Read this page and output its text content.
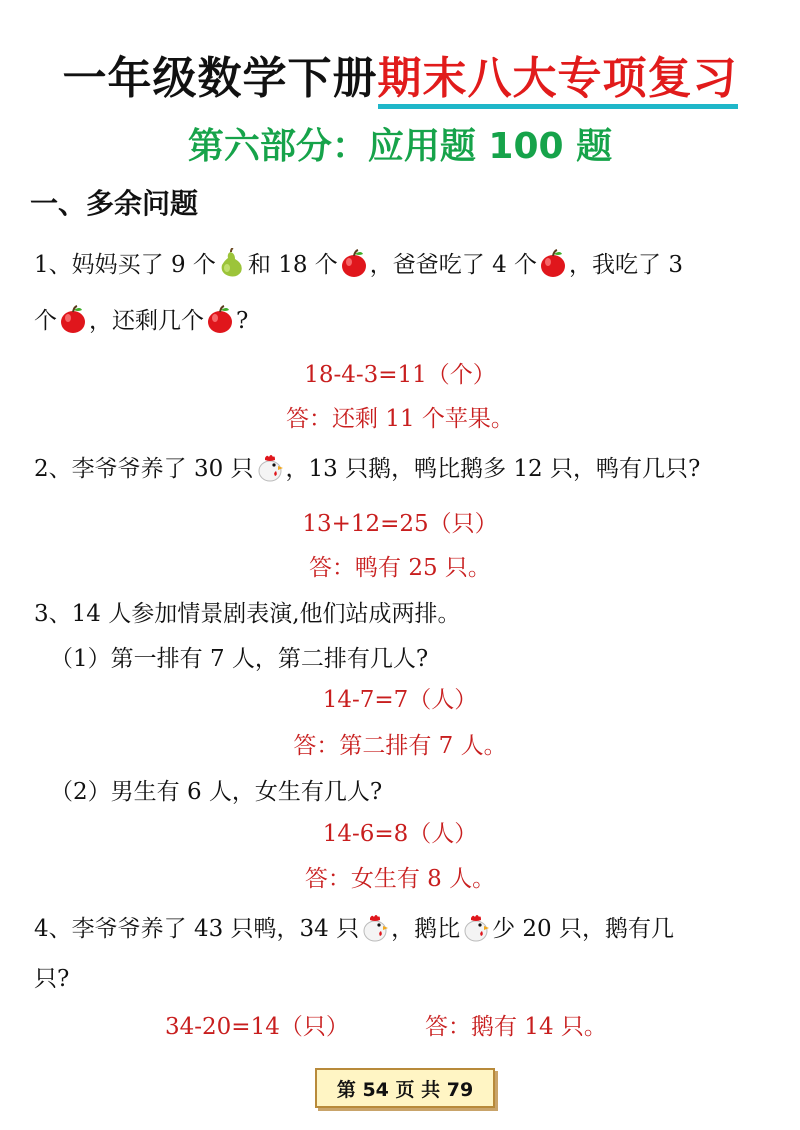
一年级数学下册期末八大专项复习
第六部分：应用题 100 题
一、多余问题
1、妈妈买了 9 个 和 18 个 ，爸爸吃了 4 个 ，我吃了 3
个 ，还剩几个 ?
18-4-3=11（个）
答：还剩 11 个苹果。
2、李爷爷养了 30 只 ，13 只鹅，鸭比鹅多 12 只，鸭有几只?
13+12=25（只）
答：鸭有 25 只。
3、14 人参加情景剧表演,他们站成两排。
（1）第一排有 7 人，第二排有几人?
14-7=7（人）
答：第二排有 7 人。
（2）男生有 6 人，女生有几人?
14-6=8（人）
答：女生有 8 人。
4、李爷爷养了 43 只鸭，34 只 ，鹅比 少 20 只，鹅有几
只?
34-20=14（只）	答：鹅有 14 只。
第 54 页 共 79
